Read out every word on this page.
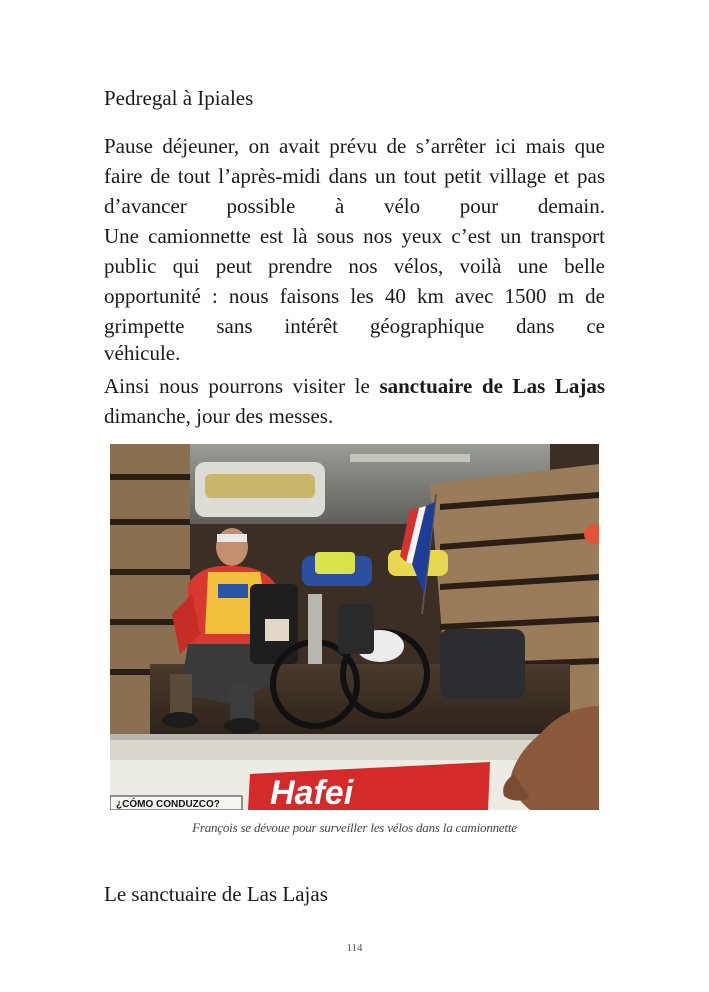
Pedregal à Ipiales
Pause déjeuner, on avait prévu de s’arrêter ici mais que faire de tout l’après-midi dans un tout petit village et pas d’avancer possible à vélo pour demain.
Une camionnette est là sous nos yeux c’est un transport public qui peut prendre nos vélos, voilà une belle opportunité : nous faisons les 40 km avec 1500 m de grimpette sans intérêt géographique dans ce
véhicule.
Ainsi nous pourrons visiter le sanctuaire de Las Lajas dimanche, jour des messes.
Hafei
¿CÓMO CONDUZCO?
François se dévoue pour surveiller les vélos dans la camionnette
Le sanctuaire de Las Lajas
114
